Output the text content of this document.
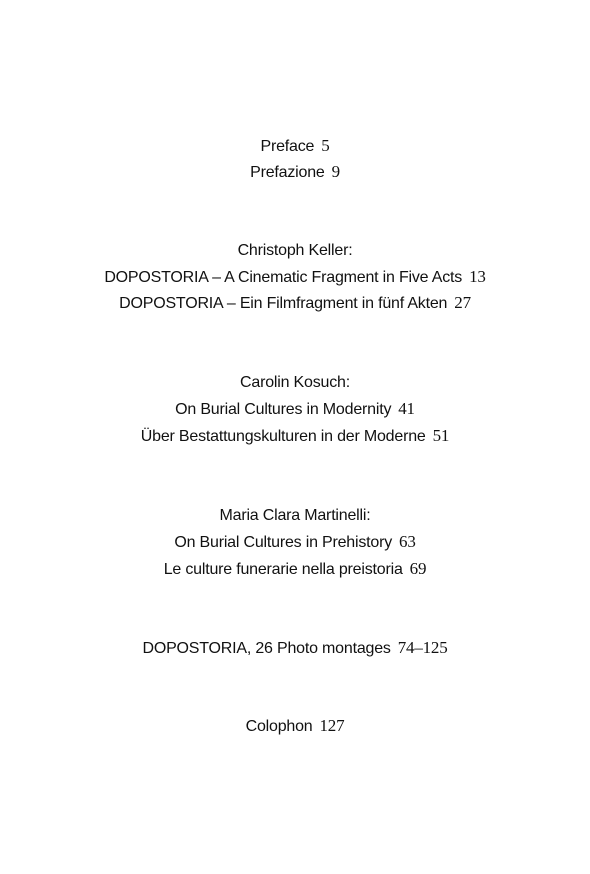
Preface 5
Prefazione 9
Christoph Keller:
DOPOSTORIA – A Cinematic Fragment in Five Acts 13
DOPOSTORIA – Ein Filmfragment in fünf Akten 27
Carolin Kosuch:
On Burial Cultures in Modernity 41
Über Bestattungskulturen in der Moderne 51
Maria Clara Martinelli:
On Burial Cultures in Prehistory 63
Le culture funerarie nella preistoria 69
DOPOSTORIA, 26 Photo montages 74–125
Colophon 127
